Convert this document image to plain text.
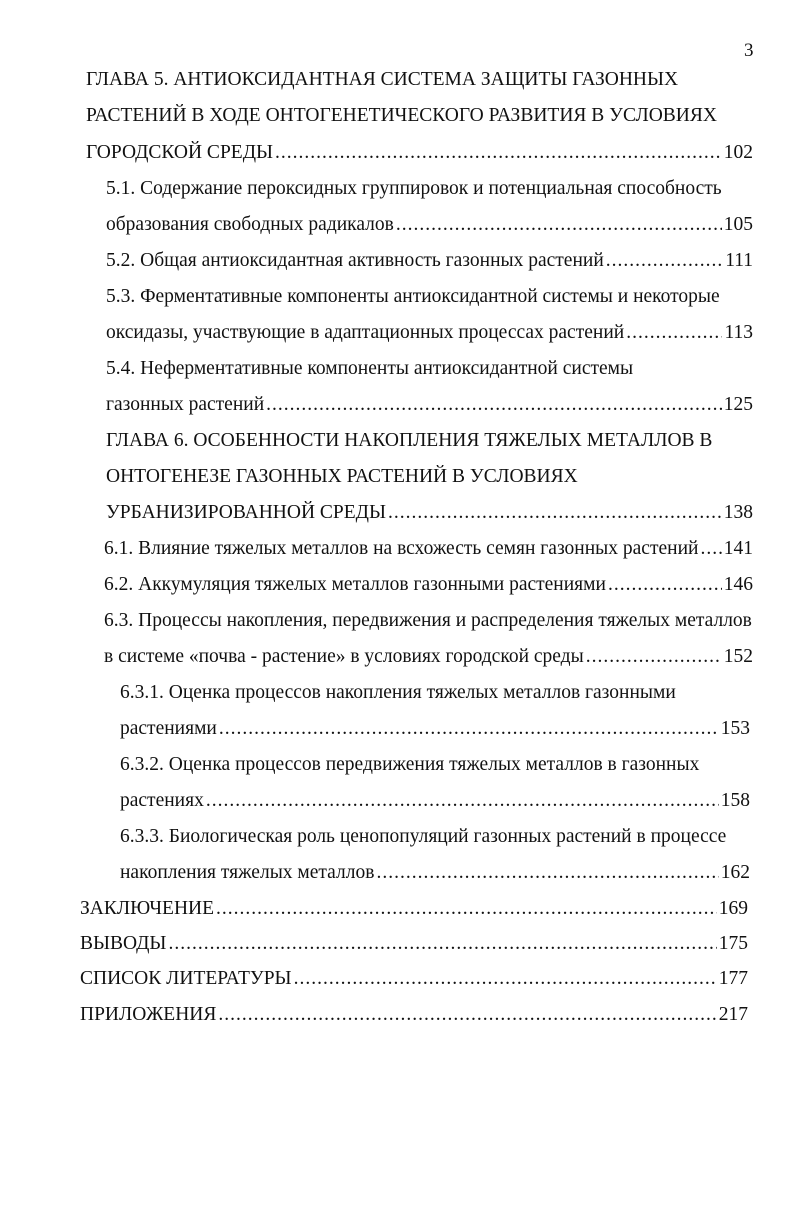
3
ГЛАВА 5. АНТИОКСИДАНТНАЯ СИСТЕМА ЗАЩИТЫ ГАЗОННЫХ
РАСТЕНИЙ В ХОДЕ ОНТОГЕНЕТИЧЕСКОГО РАЗВИТИЯ В УСЛОВИЯХ
ГОРОДСКОЙ СРЕДЫ .....	102
5.1. Содержание пероксидных группировок и потенциальная способность
образования свободных радикалов .....	105
5.2. Общая антиоксидантная активность газонных растений .....	111
5.3. Ферментативные компоненты антиоксидантной системы и некоторые
оксидазы, участвующие в адаптационных процессах растений .....	113
5.4. Неферментативные компоненты антиоксидантной системы
газонных растений .....	125
ГЛАВА 6. ОСОБЕННОСТИ НАКОПЛЕНИЯ ТЯЖЕЛЫХ МЕТАЛЛОВ В
ОНТОГЕНЕЗЕ ГАЗОННЫХ РАСТЕНИЙ В УСЛОВИЯХ
УРБАНИЗИРОВАННОЙ СРЕДЫ .....	138
6.1. Влияние тяжелых металлов на всхожесть семян газонных растений ..... 141
6.2. Аккумуляция тяжелых металлов газонными растениями .....	146
6.3. Процессы накопления, передвижения и распределения тяжелых металлов
в системе «почва - растение» в условиях городской среды .....	152
6.3.1. Оценка процессов накопления тяжелых металлов газонными
растениями .....	153
6.3.2. Оценка процессов передвижения тяжелых металлов в газонных
растениях .....	158
6.3.3. Биологическая роль ценопопуляций газонных растений в процессе
накопления тяжелых металлов .....	162
ЗАКЛЮЧЕНИЕ .....	169
ВЫВОДЫ .....	175
СПИСОК ЛИТЕРАТУРЫ .....	177
ПРИЛОЖЕНИЯ .....	217
